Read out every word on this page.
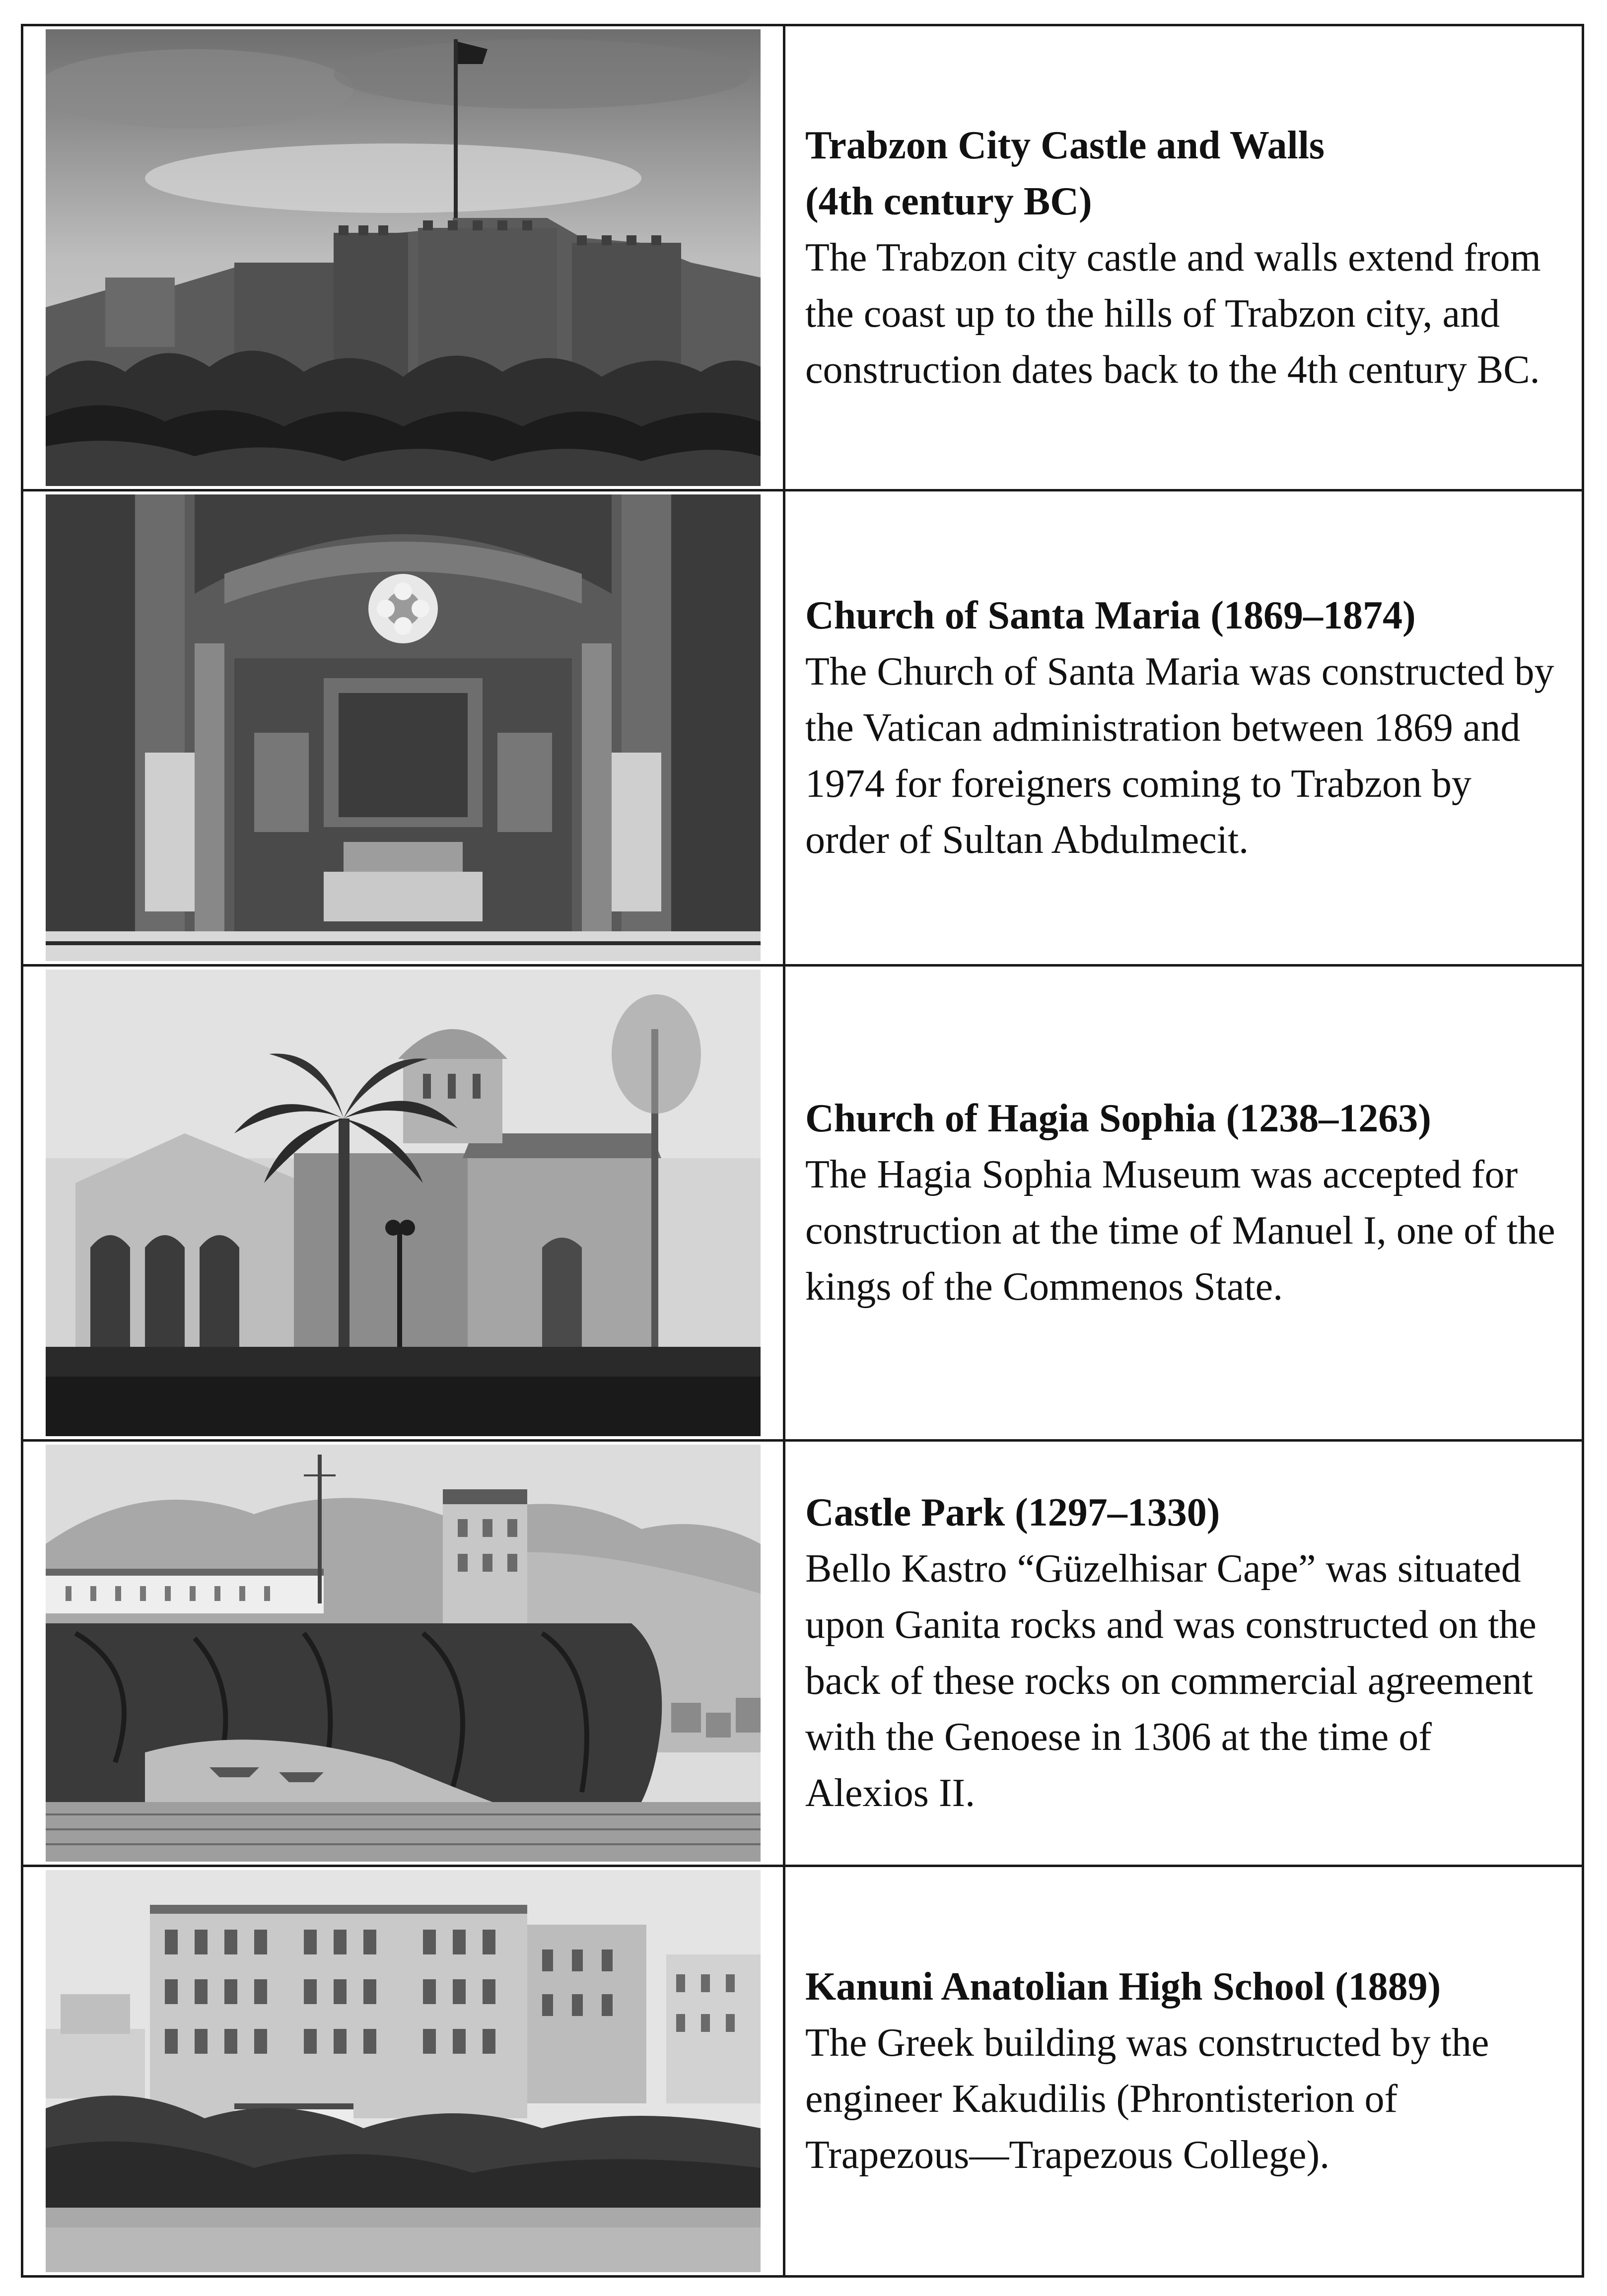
Trabzon City Castle and Walls
(4th century BC)

The Trabzon city castle and walls extend from the coast up to the hills of Trabzon city, and construction dates back to the 4th century BC.

Church of Santa Maria (1869–1874)

The Church of Santa Maria was constructed by the Vatican administration between 1869 and 1974 for foreigners coming to Trabzon by order of Sultan Abdulmecit.

Church of Hagia Sophia (1238–1263)

The Hagia Sophia Museum was accepted for construction at the time of Manuel I, one of the kings of the Commenos State.

Castle Park (1297–1330)

Bello Kastro “Güzelhisar Cape” was situated upon Ganita rocks and was constructed on the back of these rocks on commercial agreement with the Genoese in 1306 at the time of Alexios II.

Kanuni Anatolian High School (1889)

The Greek building was constructed by the engineer Kakudilis (Phrontisterion of Trapezous—Trapezous College).
